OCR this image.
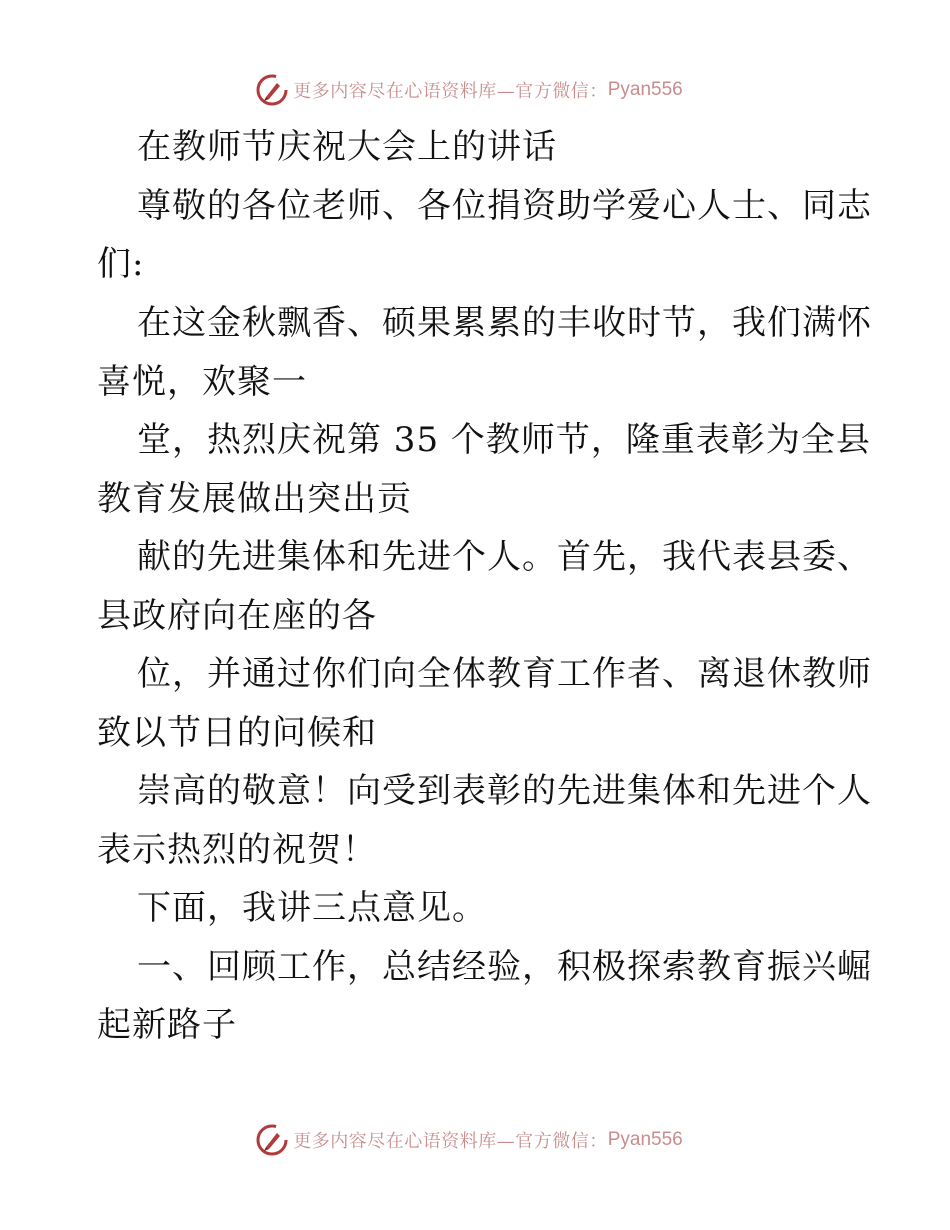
更多内容尽在心语资料库—官方微信： Pyan556

在教师节庆祝大会上的讲话

尊敬的各位老师、各位捐资助学爱心人士、同志

们:

在这金秋飘香、硕果累累的丰收时节，我们满怀

喜悦，欢聚一

堂，热烈庆祝第 35 个教师节，隆重表彰为全县

教育发展做出突出贡

献的先进集体和先进个人。首先，我代表县委、

县政府向在座的各

位，并通过你们向全体教育工作者、离退休教师

致以节日的问候和

崇高的敬意！向受到表彰的先进集体和先进个人

表示热烈的祝贺！

下面，我讲三点意见。

一、回顾工作，总结经验，积极探索教育振兴崛

起新路子

更多内容尽在心语资料库—官方微信： Pyan556
